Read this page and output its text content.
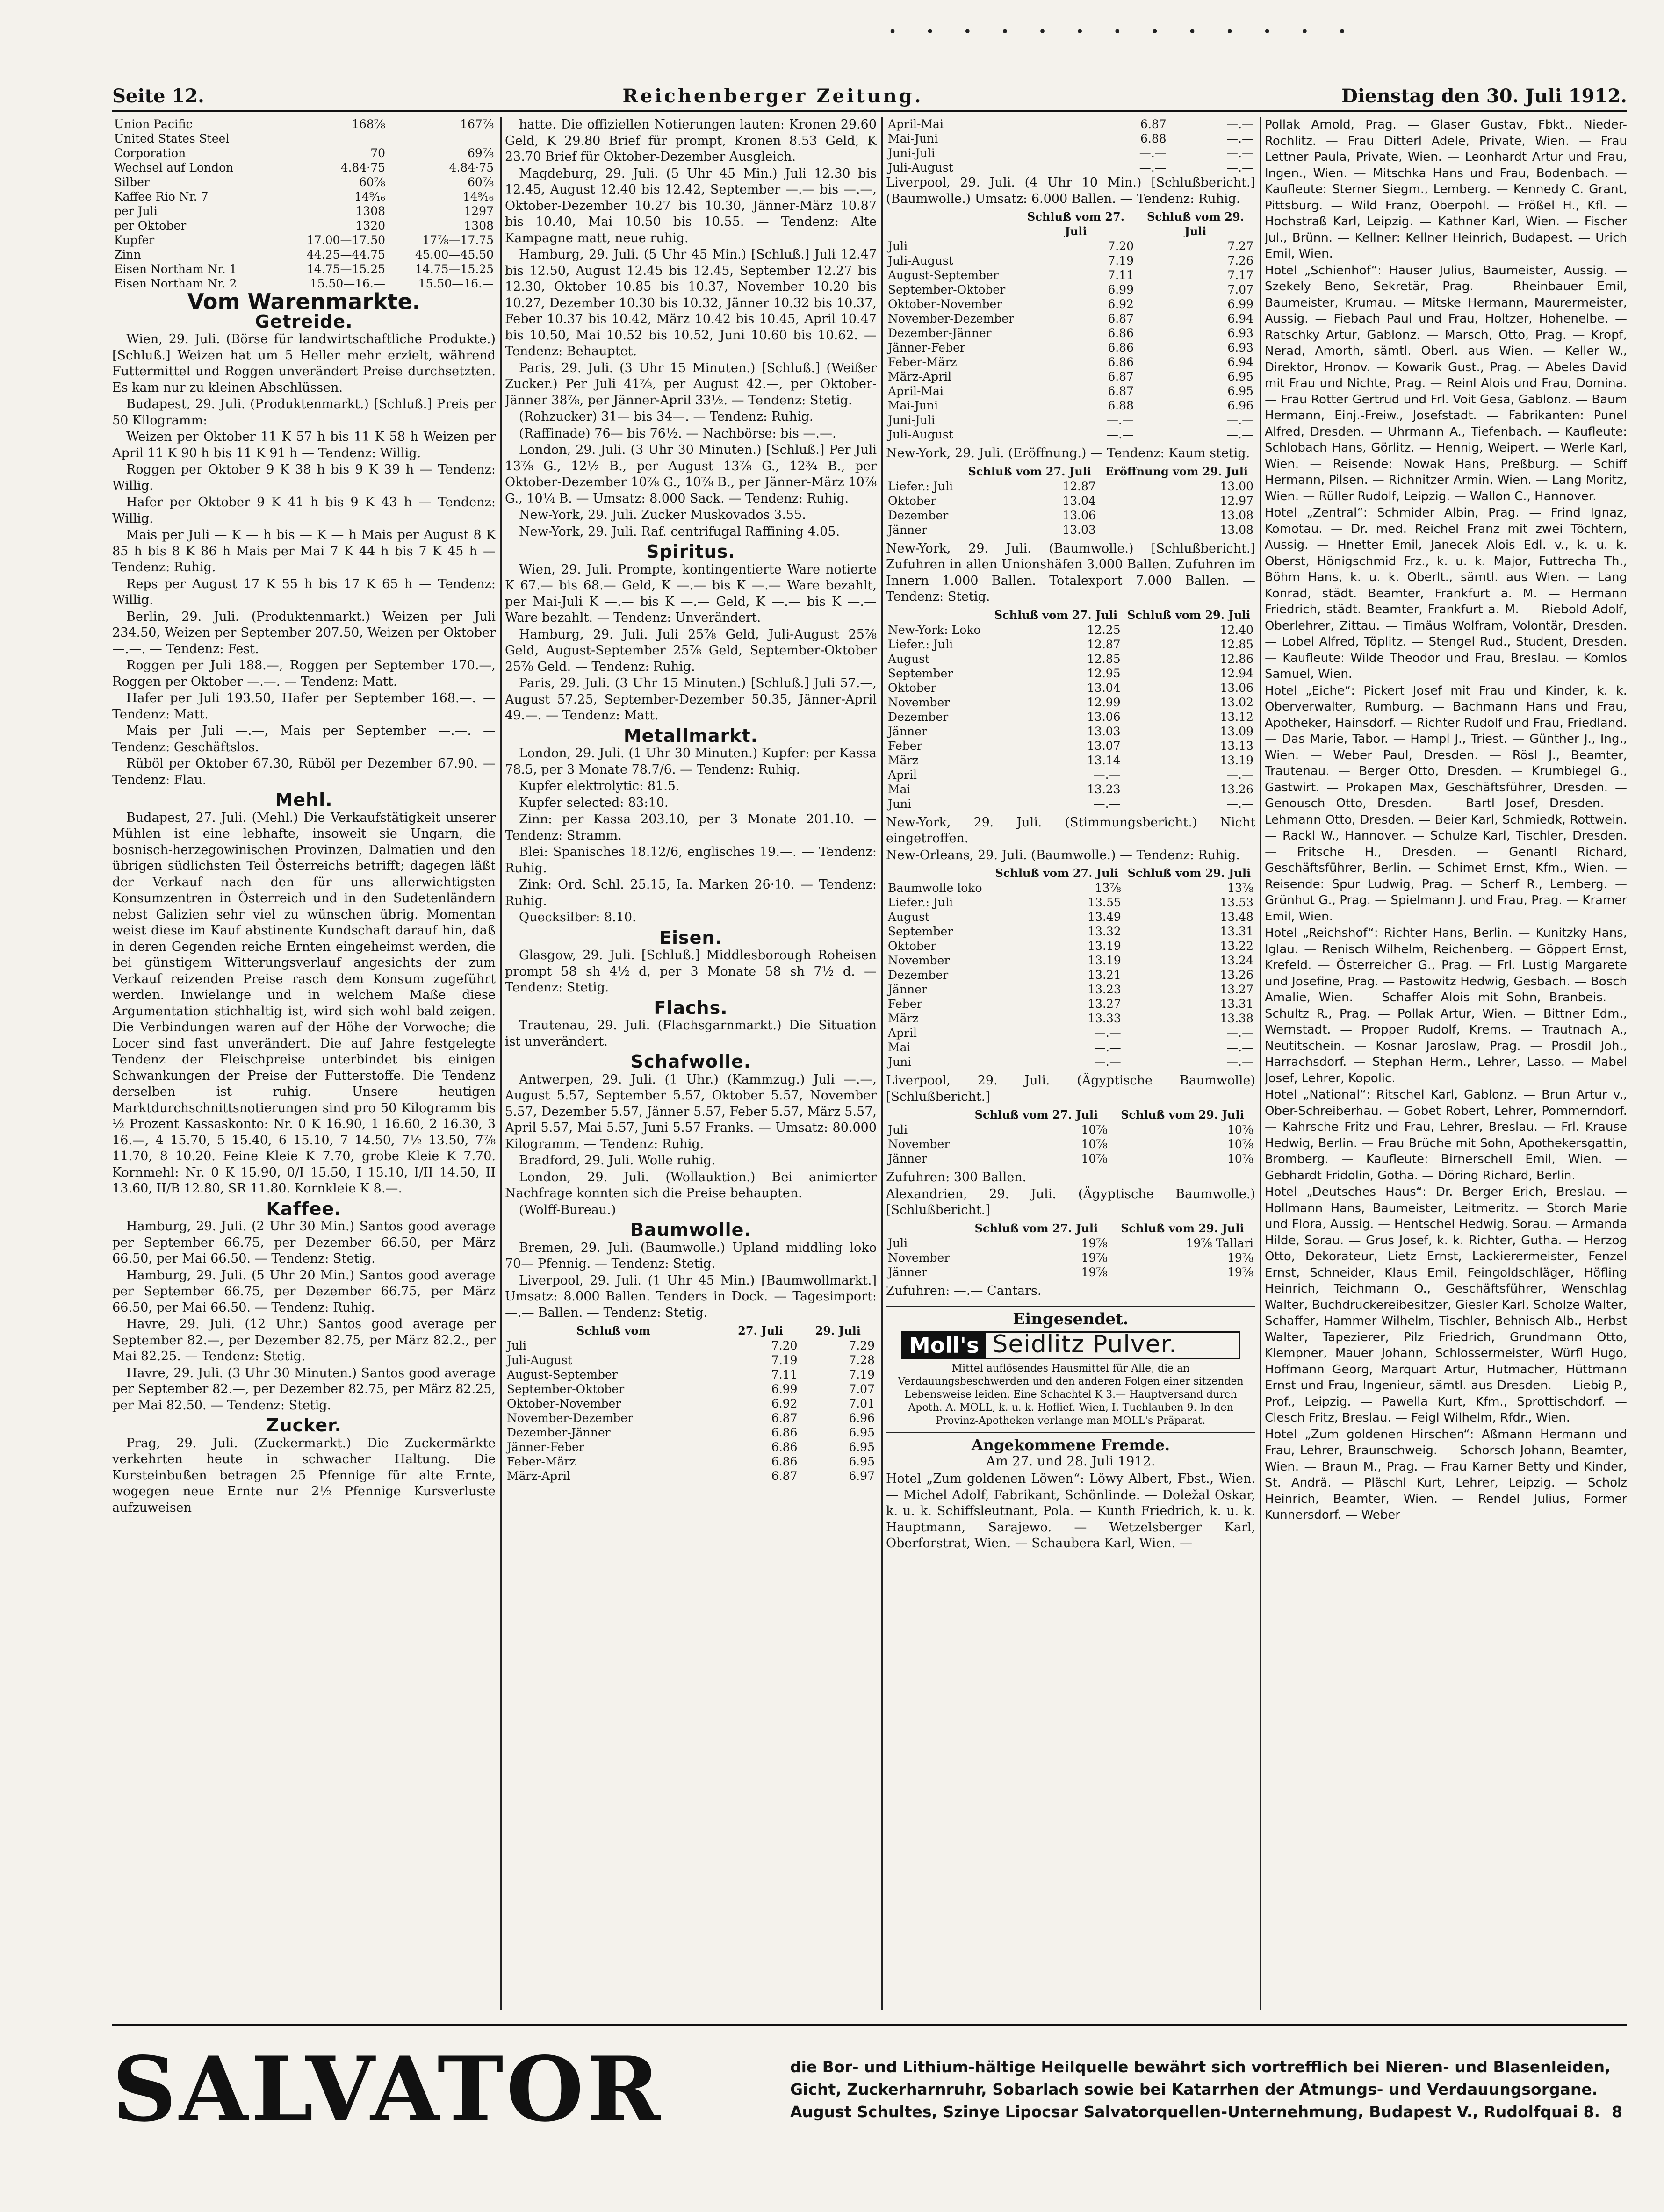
∙ ∙ ∙ ∙ ∙ ∙ ∙ ∙ ∙ ∙ ∙ ∙ ∙
Seite 12.	Reichenberger Zeitung.	Dienstag den 30. Juli 1912.
Union Pacific	168⅞	167⅞
United States Steel		
Corporation	70	69⅞
Wechsel auf London	4.84·75	4.84·75
Silber	60⅞	60⅞
Kaffee Rio Nr. 7	14⁹⁄₁₆	14⁹⁄₁₆
per Juli	1308	1297
per Oktober	1320	1308
Kupfer	17.00—17.50	17⅞—17.75
Zinn	44.25—44.75	45.00—45.50
Eisen Northam Nr. 1	14.75—15.25	14.75—15.25
Eisen Northam Nr. 2	15.50—16.—	15.50—16.—
Vom Warenmarkte.
Getreide.

Wien, 29. Juli. (Börse für landwirtschaftliche Produkte.) [Schluß.] Weizen hat um 5 Heller mehr erzielt, während Futtermittel und Roggen unverändert Preise durchsetzten. Es kam nur zu kleinen Abschlüssen.

Budapest, 29. Juli. (Produktenmarkt.) [Schluß.] Preis per 50 Kilogramm:

Weizen per Oktober 11 K 57 h bis 11 K 58 h Weizen per April 11 K 90 h bis 11 K 91 h — Tendenz: Willig.

Roggen per Oktober 9 K 38 h bis 9 K 39 h — Tendenz: Willig.

Hafer per Oktober 9 K 41 h bis 9 K 43 h — Tendenz: Willig.

Mais per Juli — K — h bis — K — h Mais per August 8 K 85 h bis 8 K 86 h Mais per Mai 7 K 44 h bis 7 K 45 h — Tendenz: Ruhig.

Reps per August 17 K 55 h bis 17 K 65 h — Tendenz: Willig.

Berlin, 29. Juli. (Produktenmarkt.) Weizen per Juli 234.50, Weizen per September 207.50, Weizen per Oktober —.—. — Tendenz: Fest.

Roggen per Juli 188.—, Roggen per September 170.—, Roggen per Oktober —.—. — Tendenz: Matt.

Hafer per Juli 193.50, Hafer per September 168.—. — Tendenz: Matt.

Mais per Juli —.—, Mais per September —.—. — Tendenz: Geschäftslos.

Rüböl per Oktober 67.30, Rüböl per Dezember 67.90. — Tendenz: Flau.

Mehl.

Budapest, 27. Juli. (Mehl.) Die Verkaufstätigkeit unserer Mühlen ist eine lebhafte, insoweit sie Ungarn, die bosnisch-herzegowinischen Provinzen, Dalmatien und den übrigen südlichsten Teil Österreichs betrifft; dagegen läßt der Verkauf nach den für uns allerwichtigsten Konsumzentren in Österreich und in den Sudetenländern nebst Galizien sehr viel zu wünschen übrig. Momentan weist diese im Kauf abstinente Kundschaft darauf hin, daß in deren Gegenden reiche Ernten eingeheimst werden, die bei günstigem Witterungsverlauf angesichts der zum Verkauf reizenden Preise rasch dem Konsum zugeführt werden. Inwielange und in welchem Maße diese Argumentation stichhaltig ist, wird sich wohl bald zeigen. Die Verbindungen waren auf der Höhe der Vorwoche; die Locer sind fast unverändert. Die auf Jahre festgelegte Tendenz der Fleischpreise unterbindet bis einigen Schwankungen der Preise der Futterstoffe. Die Tendenz derselben ist ruhig. Unsere heutigen Marktdurchschnittsnotierungen sind pro 50 Kilogramm bis ½ Prozent Kassaskonto: Nr. 0 K 16.90, 1 16.60, 2 16.30, 3 16.—, 4 15.70, 5 15.40, 6 15.10, 7 14.50, 7½ 13.50, 7⅞ 11.70, 8 10.20. Feine Kleie K 7.70, grobe Kleie K 7.70. Kornmehl: Nr. 0 K 15.90, 0/I 15.50, I 15.10, I/II 14.50, II 13.60, II/B 12.80, SR 11.80. Kornkleie K 8.—.

Kaffee.

Hamburg, 29. Juli. (2 Uhr 30 Min.) Santos good average per September 66.75, per Dezember 66.50, per März 66.50, per Mai 66.50. — Tendenz: Stetig.

Hamburg, 29. Juli. (5 Uhr 20 Min.) Santos good average per September 66.75, per Dezember 66.75, per März 66.50, per Mai 66.50. — Tendenz: Ruhig.

Havre, 29. Juli. (12 Uhr.) Santos good average per September 82.—, per Dezember 82.75, per März 82.2., per Mai 82.25. — Tendenz: Stetig.

Havre, 29. Juli. (3 Uhr 30 Minuten.) Santos good average per September 82.—, per Dezember 82.75, per März 82.25, per Mai 82.50. — Tendenz: Stetig.

Zucker.

Prag, 29. Juli. (Zuckermarkt.) Die Zuckermärkte verkehrten heute in schwacher Haltung. Die Kursteinbußen betragen 25 Pfennige für alte Ernte, wogegen neue Ernte nur 2½ Pfennige Kursverluste aufzuweisen

hatte. Die offiziellen Notierungen lauten: Kronen 29.60 Geld, K 29.80 Brief für prompt, Kronen 8.53 Geld, K 23.70 Brief für Oktober-Dezember Ausgleich.

Magdeburg, 29. Juli. (5 Uhr 45 Min.) Juli 12.30 bis 12.45, August 12.40 bis 12.42, September —.— bis —.—, Oktober-Dezember 10.27 bis 10.30, Jänner-März 10.87 bis 10.40, Mai 10.50 bis 10.55. — Tendenz: Alte Kampagne matt, neue ruhig.

Hamburg, 29. Juli. (5 Uhr 45 Min.) [Schluß.] Juli 12.47 bis 12.50, August 12.45 bis 12.45, September 12.27 bis 12.30, Oktober 10.85 bis 10.37, November 10.20 bis 10.27, Dezember 10.30 bis 10.32, Jänner 10.32 bis 10.37, Feber 10.37 bis 10.42, März 10.42 bis 10.45, April 10.47 bis 10.50, Mai 10.52 bis 10.52, Juni 10.60 bis 10.62. — Tendenz: Behauptet.

Paris, 29. Juli. (3 Uhr 15 Minuten.) [Schluß.] (Weißer Zucker.) Per Juli 41⅞, per August 42.—, per Oktober-Jänner 38⅞, per Jänner-April 33½. — Tendenz: Stetig.

(Rohzucker) 31— bis 34—. — Tendenz: Ruhig.

(Raffinade) 76— bis 76½. — Nachbörse: bis —.—.

London, 29. Juli. (3 Uhr 30 Minuten.) [Schluß.] Per Juli 13⅞ G., 12½ B., per August 13⅞ G., 12¾ B., per Oktober-Dezember 10⅞ G., 10⅞ B., per Jänner-März 10⅞ G., 10¼ B. — Umsatz: 8.000 Sack. — Tendenz: Ruhig.

New-York, 29. Juli. Zucker Muskovados 3.55.

New-York, 29. Juli. Raf. centrifugal Raffining 4.05.

Spiritus.

Wien, 29. Juli. Prompte, kontingentierte Ware notierte K 67.— bis 68.— Geld, K —.— bis K —.— Ware bezahlt, per Mai-Juli K —.— bis K —.— Geld, K —.— bis K —.— Ware bezahlt. — Tendenz: Unverändert.

Hamburg, 29. Juli. Juli 25⅞ Geld, Juli-August 25⅞ Geld, August-September 25⅞ Geld, September-Oktober 25⅞ Geld. — Tendenz: Ruhig.

Paris, 29. Juli. (3 Uhr 15 Minuten.) [Schluß.] Juli 57.—, August 57.25, September-Dezember 50.35, Jänner-April 49.—. — Tendenz: Matt.

Metallmarkt.

London, 29. Juli. (1 Uhr 30 Minuten.) Kupfer: per Kassa 78.5, per 3 Monate 78.7/6. — Tendenz: Ruhig.

Kupfer elektrolytic: 81.5.

Kupfer selected: 83:10.

Zinn: per Kassa 203.10, per 3 Monate 201.10. — Tendenz: Stramm.

Blei: Spanisches 18.12/6, englisches 19.—. — Tendenz: Ruhig.

Zink: Ord. Schl. 25.15, Ia. Marken 26·10. — Tendenz: Ruhig.

Quecksilber: 8.10.

Eisen.

Glasgow, 29. Juli. [Schluß.] Middlesborough Roheisen prompt 58 sh 4½ d, per 3 Monate 58 sh 7½ d. — Tendenz: Stetig.

Flachs.

Trautenau, 29. Juli. (Flachsgarnmarkt.) Die Situation ist unverändert.

Schafwolle.

Antwerpen, 29. Juli. (1 Uhr.) (Kammzug.) Juli —.—, August 5.57, September 5.57, Oktober 5.57, November 5.57, Dezember 5.57, Jänner 5.57, Feber 5.57, März 5.57, April 5.57, Mai 5.57, Juni 5.57 Franks. — Umsatz: 80.000 Kilogramm. — Tendenz: Ruhig.

Bradford, 29. Juli. Wolle ruhig.

London, 29. Juli. (Wollauktion.) Bei animierter Nachfrage konnten sich die Preise behaupten.

(Wolff-Bureau.)

Baumwolle.

Bremen, 29. Juli. (Baumwolle.) Upland middling loko 70— Pfennig. — Tendenz: Stetig.

Liverpool, 29. Juli. (1 Uhr 45 Min.) [Baumwollmarkt.] Umsatz: 8.000 Ballen. Tenders in Dock. — Tagesimport: —.— Ballen. — Tendenz: Stetig.

Schluß vom	27. Juli	29. Juli
Juli	7.20	7.29
Juli-August	7.19	7.28
August-September	7.11	7.19
September-Oktober	6.99	7.07
Oktober-November	6.92	7.01
November-Dezember	6.87	6.96
Dezember-Jänner	6.86	6.95
Jänner-Feber	6.86	6.95
Feber-März	6.86	6.95
März-April	6.87	6.97
April-Mai	6.87	—.—
Mai-Juni	6.88	—.—
Juni-Juli	—.—	—.—
Juli-August	—.—	—.—

Liverpool, 29. Juli. (4 Uhr 10 Min.) [Schlußbericht.] (Baumwolle.) Umsatz: 6.000 Ballen. — Tendenz: Ruhig.

	Schluß vom 27. Juli	Schluß vom 29. Juli
Juli	7.20	7.27
Juli-August	7.19	7.26
August-September	7.11	7.17
September-Oktober	6.99	7.07
Oktober-November	6.92	6.99
November-Dezember	6.87	6.94
Dezember-Jänner	6.86	6.93
Jänner-Feber	6.86	6.93
Feber-März	6.86	6.94
März-April	6.87	6.95
April-Mai	6.87	6.95
Mai-Juni	6.88	6.96
Juni-Juli	—.—	—.—
Juli-August	—.—	—.—

New-York, 29. Juli. (Eröffnung.) — Tendenz: Kaum stetig.

	Schluß vom 27. Juli	Eröffnung vom 29. Juli
Liefer.: Juli	12.87	13.00
Oktober	13.04	12.97
Dezember	13.06	13.08
Jänner	13.03	13.08

New-York, 29. Juli. (Baumwolle.) [Schlußbericht.] Zufuhren in allen Unionshäfen 3.000 Ballen. Zufuhren im Innern 1.000 Ballen. Totalexport 7.000 Ballen. — Tendenz: Stetig.

	Schluß vom 27. Juli	Schluß vom 29. Juli
New-York: Loko	12.25	12.40
Liefer.: Juli	12.87	12.85
August	12.85	12.86
September	12.95	12.94
Oktober	13.04	13.06
November	12.99	13.02
Dezember	13.06	13.12
Jänner	13.03	13.09
Feber	13.07	13.13
März	13.14	13.19
April	—.—	—.—
Mai	13.23	13.26
Juni	—.—	—.—

New-York, 29. Juli. (Stimmungsbericht.) Nicht eingetroffen.

New-Orleans, 29. Juli. (Baumwolle.) — Tendenz: Ruhig.

	Schluß vom 27. Juli	Schluß vom 29. Juli
Baumwolle loko	13⅞	13⅞
Liefer.: Juli	13.55	13.53
August	13.49	13.48
September	13.32	13.31
Oktober	13.19	13.22
November	13.19	13.24
Dezember	13.21	13.26
Jänner	13.23	13.27
Feber	13.27	13.31
März	13.33	13.38
April	—.—	—.—
Mai	—.—	—.—
Juni	—.—	—.—

Liverpool, 29. Juli. (Ägyptische Baumwolle) [Schlußbericht.]

	Schluß vom 27. Juli	Schluß vom 29. Juli
Juli	10⅞	10⅞
November	10⅞	10⅞
Jänner	10⅞	10⅞

Zufuhren: 300 Ballen.

Alexandrien, 29. Juli. (Ägyptische Baumwolle.) [Schlußbericht.]

	Schluß vom 27. Juli	Schluß vom 29. Juli
Juli	19⅞	19⅞ Tallari
November	19⅞	19⅞
Jänner	19⅞	19⅞

Zufuhren: —.— Cantars.

Eingesendet.
Moll's Seidlitz Pulver.
Mittel auflösendes Hausmittel für Alle, die an Verdauungsbeschwerden und den anderen Folgen einer sitzenden Lebensweise leiden. Eine Schachtel K 3.— Hauptversand durch Apoth. A. MOLL, k. u. k. Hoflief. Wien, I. Tuchlauben 9. In den Provinz-Apotheken verlange man MOLL's Präparat.
Angekommene Fremde.
Am 27. und 28. Juli 1912.

Hotel „Zum goldenen Löwen“: Löwy Albert, Fbst., Wien. — Michel Adolf, Fabrikant, Schönlinde. — Doležal Oskar, k. u. k. Schiffsleutnant, Pola. — Kunth Friedrich, k. u. k. Hauptmann, Sarajewo. — Wetzelsberger Karl, Oberforstrat, Wien. — Schaubera Karl, Wien. —

Pollak Arnold, Prag. — Glaser Gustav, Fbkt., Nieder-Rochlitz. — Frau Ditterl Adele, Private, Wien. — Frau Lettner Paula, Private, Wien. — Leonhardt Artur und Frau, Ingen., Wien. — Mitschka Hans und Frau, Bodenbach. — Kaufleute: Sterner Siegm., Lemberg. — Kennedy C. Grant, Pittsburg. — Wild Franz, Oberpohl. — Frößel H., Kfl. — Hochstraß Karl, Leipzig. — Kathner Karl, Wien. — Fischer Jul., Brünn. — Kellner: Kellner Heinrich, Budapest. — Urich Emil, Wien.

Hotel „Schienhof“: Hauser Julius, Baumeister, Aussig. — Szekely Beno, Sekretär, Prag. — Rheinbauer Emil, Baumeister, Krumau. — Mitske Hermann, Maurermeister, Aussig. — Fiebach Paul und Frau, Holtzer, Hohenelbe. — Ratschky Artur, Gablonz. — Marsch, Otto, Prag. — Kropf, Nerad, Amorth, sämtl. Oberl. aus Wien. — Keller W., Direktor, Hronov. — Kowarik Gust., Prag. — Abeles David mit Frau und Nichte, Prag. — Reinl Alois und Frau, Domina. — Frau Rotter Gertrud und Frl. Voit Gesa, Gablonz. — Baum Hermann, Einj.-Freiw., Josefstadt. — Fabrikanten: Punel Alfred, Dresden. — Uhrmann A., Tiefenbach. — Kaufleute: Schlobach Hans, Görlitz. — Hennig, Weipert. — Werle Karl, Wien. — Reisende: Nowak Hans, Preßburg. — Schiff Hermann, Pilsen. — Richnitzer Armin, Wien. — Lang Moritz, Wien. — Rüller Rudolf, Leipzig. — Wallon C., Hannover.

Hotel „Zentral“: Schmider Albin, Prag. — Frind Ignaz, Komotau. — Dr. med. Reichel Franz mit zwei Töchtern, Aussig. — Hnetter Emil, Janecek Alois Edl. v., k. u. k. Oberst, Hönigschmid Frz., k. u. k. Major, Futtrecha Th., Böhm Hans, k. u. k. Oberlt., sämtl. aus Wien. — Lang Konrad, städt. Beamter, Frankfurt a. M. — Hermann Friedrich, städt. Beamter, Frankfurt a. M. — Riebold Adolf, Oberlehrer, Zittau. — Timäus Wolfram, Volontär, Dresden. — Lobel Alfred, Töplitz. — Stengel Rud., Student, Dresden. — Kaufleute: Wilde Theodor und Frau, Breslau. — Komlos Samuel, Wien.

Hotel „Eiche“: Pickert Josef mit Frau und Kinder, k. k. Oberverwalter, Rumburg. — Bachmann Hans und Frau, Apotheker, Hainsdorf. — Richter Rudolf und Frau, Friedland. — Das Marie, Tabor. — Hampl J., Triest. — Günther J., Ing., Wien. — Weber Paul, Dresden. — Rösl J., Beamter, Trautenau. — Berger Otto, Dresden. — Krumbiegel G., Gastwirt. — Prokapen Max, Geschäftsführer, Dresden. — Genousch Otto, Dresden. — Bartl Josef, Dresden. — Lehmann Otto, Dresden. — Beier Karl, Schmiedk, Rottwein. — Rackl W., Hannover. — Schulze Karl, Tischler, Dresden. — Fritsche H., Dresden. — Genantl Richard, Geschäftsführer, Berlin. — Schimet Ernst, Kfm., Wien. — Reisende: Spur Ludwig, Prag. — Scherf R., Lemberg. — Grünhut G., Prag. — Spielmann J. und Frau, Prag. — Kramer Emil, Wien.

Hotel „Reichshof“: Richter Hans, Berlin. — Kunitzky Hans, Iglau. — Renisch Wilhelm, Reichenberg. — Göppert Ernst, Krefeld. — Österreicher G., Prag. — Frl. Lustig Margarete und Josefine, Prag. — Pastowitz Hedwig, Gesbach. — Bosch Amalie, Wien. — Schaffer Alois mit Sohn, Branbeis. — Schultz R., Prag. — Pollak Artur, Wien. — Bittner Edm., Wernstadt. — Propper Rudolf, Krems. — Trautnach A., Neutitschein. — Kosnar Jaroslaw, Prag. — Prosdil Joh., Harrachsdorf. — Stephan Herm., Lehrer, Lasso. — Mabel Josef, Lehrer, Kopolic.

Hotel „National“: Ritschel Karl, Gablonz. — Brun Artur v., Ober-Schreiberhau. — Gobet Robert, Lehrer, Pommerndorf. — Kahrsche Fritz und Frau, Lehrer, Breslau. — Frl. Krause Hedwig, Berlin. — Frau Brüche mit Sohn, Apothekersgattin, Bromberg. — Kaufleute: Birnerschell Emil, Wien. — Gebhardt Fridolin, Gotha. — Döring Richard, Berlin.

Hotel „Deutsches Haus“: Dr. Berger Erich, Breslau. — Hollmann Hans, Baumeister, Leitmeritz. — Storch Marie und Flora, Aussig. — Hentschel Hedwig, Sorau. — Armanda Hilde, Sorau. — Grus Josef, k. k. Richter, Gutha. — Herzog Otto, Dekorateur, Lietz Ernst, Lackierermeister, Fenzel Ernst, Schneider, Klaus Emil, Feingoldschläger, Höfling Heinrich, Teichmann O., Geschäftsführer, Wenschlag Walter, Buchdruckereibesitzer, Giesler Karl, Scholze Walter, Schaffer, Hammer Wilhelm, Tischler, Behnisch Alb., Herbst Walter, Tapezierer, Pilz Friedrich, Grundmann Otto, Klempner, Mauer Johann, Schlossermeister, Würfl Hugo, Hoffmann Georg, Marquart Artur, Hutmacher, Hüttmann Ernst und Frau, Ingenieur, sämtl. aus Dresden. — Liebig P., Prof., Leipzig. — Pawella Kurt, Kfm., Sprottischdorf. — Clesch Fritz, Breslau. — Feigl Wilhelm, Rfdr., Wien.

Hotel „Zum goldenen Hirschen“: Aßmann Hermann und Frau, Lehrer, Braunschweig. — Schorsch Johann, Beamter, Wien. — Braun M., Prag. — Frau Karner Betty und Kinder, St. Andrä. — Pläschl Kurt, Lehrer, Leipzig. — Scholz Heinrich, Beamter, Wien. — Rendel Julius, Former Kunnersdorf. — Weber

SALVATOR	die Bor- und Lithium-hältige Heilquelle bewährt sich vortrefflich bei Nieren- und Blasenleiden, Gicht, Zuckerharnruhr, Sobarlach sowie bei Katarrhen der Atmungs- und Verdauungsorgane. August Schultes, Szinye Lipocsar Salvatorquellen-Unternehmung, Budapest V., Rudolfquai 8. 8
